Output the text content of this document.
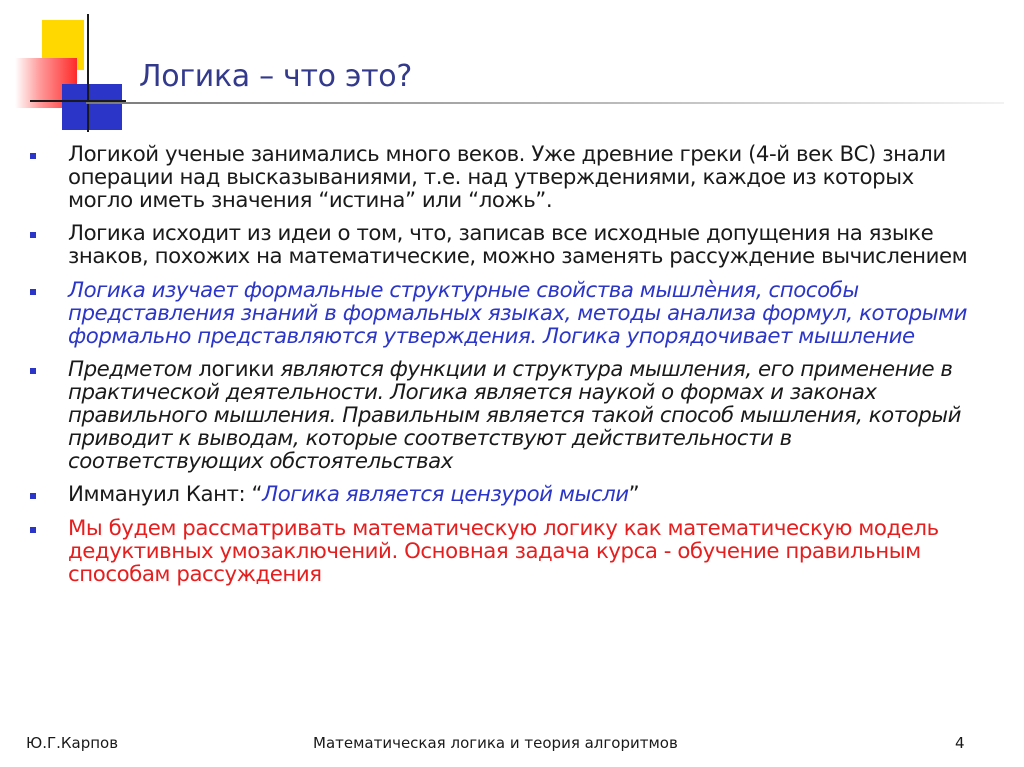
Логика – что это?
Логикой ученые занимались много веков. Уже древние греки (4-й век ВС) знали операции над высказываниями, т.е. над утверждениями, каждое из которых могло иметь значения “истина” или “ложь”.
Логика исходит из идеи о том, что, записав все исходные допущения на языке знаков, похожих на математические, можно заменять рассуждение вычислением
Логика изучает формальные структурные свойства мышлѐния, способы представления знаний в формальных языках, методы анализа формул, которыми формально представляются утверждения. Логика упорядочивает мышление
Предметом логики являются функции и структура мышления, его применение в практической деятельности. Логика является наукой о формах и законах правильного мышления. Правильным является такой способ мышления, который приводит к выводам, которые соответствуют действительности в соответствующих обстоятельствах
Иммануил Кант: “Логика является цензурой мысли”
Мы будем рассматривать математическую логику как математическую модель дедуктивных умозаключений. Основная задача курса - обучение правильным способам рассуждения
Ю.Г.Карпов	Математическая логика и теория алгоритмов	4
